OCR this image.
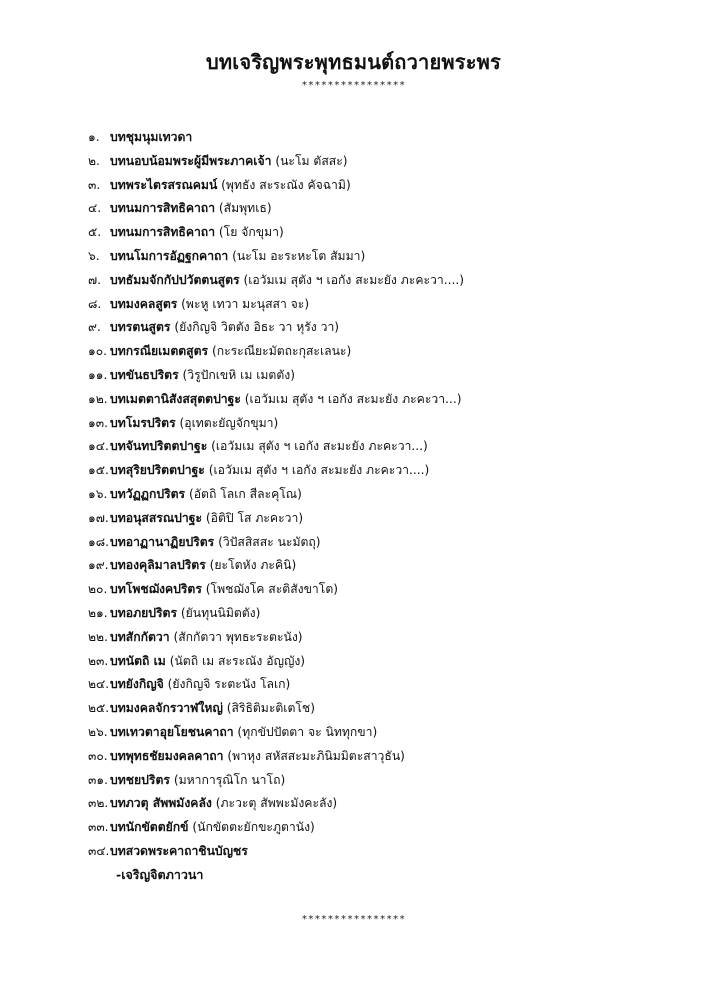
บทเจริญพระพุทธมนต์ถวายพระพร
****************
๑. บทชุมนุมเทวดา
๒. บทนอบน้อมพระผู้มีพระภาคเจ้า (นะโม ตัสสะ)
๓. บทพระไตรสรณคมน์ (พุทธัง สะระณัง คัจฉามิ)
๔. บทนมการสิทธิคาถา (สัมพุทเธ)
๕. บทนมการสิทธิคาถา (โย จักขุมา)
๖. บทนโมการอัฏฐกคาถา (นะโม อะระหะโต สัมมา)
๗. บทธัมมจักกัปปวัตตนสูตร (เอวัมเม สุตัง ฯ เอกัง สะมะยัง ภะคะวา....)
๘. บทมงคลสูตร (พะหู เทวา มะนุสสา จะ)
๙. บทรตนสูตร (ยังกิญจิ วิตตัง อิธะ วา หุรัง วา)
๑๐. บทกรณียเมตตสูตร (กะระณียะมัตถะกุสะเลนะ)
๑๑. บทขันธปริตร (วิรูปักเขหิ เม เมตตัง)
๑๒. บทเมตตานิสังสสุตตปาฐะ (เอวัมเม สุตัง ฯ เอกัง สะมะยัง ภะคะวา...)
๑๓. บทโมรปริตร (อุเทตะยัญจักขุมา)
๑๔.บทจันทปริตตปาฐะ (เอวัมเม สุตัง ฯ เอกัง สะมะยัง ภะคะวา...)
๑๕.บทสุริยปริตตปาฐะ (เอวัมเม สุตัง ฯ เอกัง สะมะยัง ภะคะวา....)
๑๖. บทวัฏฏกปริตร (อัตถิ โลเก สีละคุโณ)
๑๗.บทอนุสสรณปาฐะ (อิติปิ โส ภะคะวา)
๑๘.บทอาฏานาฏิยปริตร (วิปัสสิสสะ นะมัตถุ)
๑๙.บทองคุลิมาลปริตร (ยะโตหัง ภะคินิ)
๒๐. บทโพชฌังคปริตร (โพชฌังโค สะติสังขาโต)
๒๑. บทอภยปริตร (ยันทุนนิมิตตัง)
๒๒. บทสักกัตวา (สักกัตวา พุทธะระตะนัง)
๒๓. บทนัตถิ เม (นัตถิ เม สะระณัง อัญญัง)
๒๔.บทยังกิญจิ (ยังกิญจิ ระตะนัง โลเก)
๒๕.บทมงคลจักรวาฬใหญ่ (สิริธิติมะติเตโช)
๒๖. บทเทวตาอุยโยชนคาถา (ทุกขัปปัตตา จะ นิททุกขา)
๓๐. บทพุทธชัยมงคลคาถา (พาหุง สหัสสะมะภินิมมิตะสาวุธัน)
๓๑. บทชยปริตร (มหาการุณิโก นาโถ)
๓๒. บทภวตุ สัพพมังคลัง (ภะวะตุ สัพพะมังคะลัง)
๓๓.บทนักขัตตยักข์ (นักขัตตะยักขะภูตานัง)
๓๔.บทสวดพระคาถาชินบัญชร
-เจริญจิตภาวนา
****************
